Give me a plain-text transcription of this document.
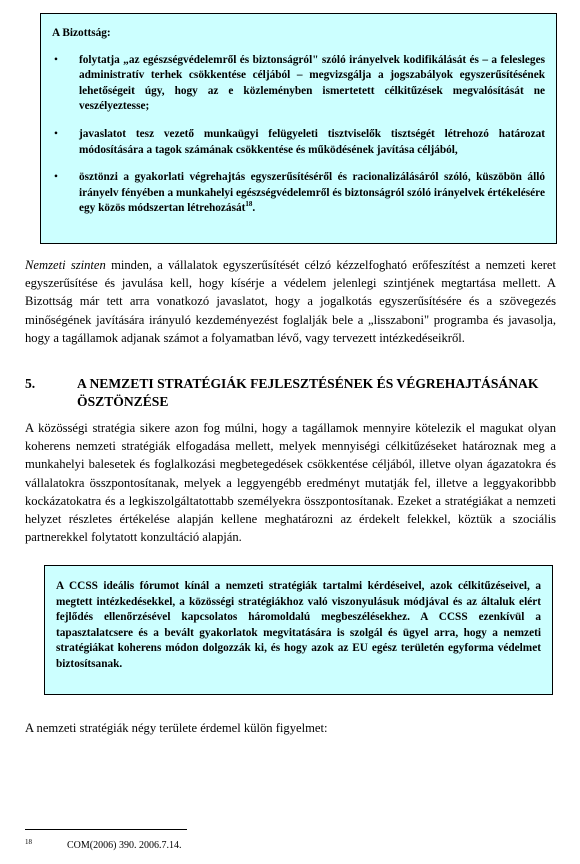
A Bizottság:

• folytatja „az egészségvédelemről és biztonságról" szóló irányelvek kodifikálását és – a felesleges administratív terhek csökkentése céljából – megvizsgálja a jogszabályok egyszerűsítésének lehetőségeit úgy, hogy az e közleményben ismertetett célkitűzések megvalósítását ne veszélyeztesse;
• javaslatot tesz vezető munkaügyi felügyeleti tisztviselők tisztségét létrehozó határozat módosítására a tagok számának csökkentése és működésének javítása céljából,
• ösztönzi a gyakorlati végrehajtás egyszerűsítéséről és racionalizálásáról szóló, küszöbön álló irányelv fényében a munkahelyi egészségvédelemről és biztonságról szóló irányelvek értékelésére egy közös módszertan létrehozását$^{18}$.

Nemzeti szinten minden, a vállalatok egyszerűsítését célzó kézzelfogható erőfeszítést a nemzeti keret egyszerűsítése és javulása kell, hogy kísérje a védelem jelenlegi szintjének megtartása mellett. A Bizottság már tett arra vonatkozó javaslatot, hogy a jogalkotás egyszerűsítésére és a szövegezés minőségének javítására irányuló kezdeményezést foglalják bele a „lisszaboni" programba és javasolja, hogy a tagállamok adjanak számot a folyamatban lévő, vagy tervezett intézkedéseikről.

5.	A NEMZETI STRATÉGIÁK FEJLESZTÉSÉNEK ÉS VÉGREHAJTÁSÁNAK ÖSZTÖNZÉSE

A közösségi stratégia sikere azon fog múlni, hogy a tagállamok mennyire kötelezik el magukat olyan koherens nemzeti stratégiák elfogadása mellett, melyek mennyiségi célkitűzéseket határoznak meg a munkahelyi balesetek és foglalkozási megbetegedések csökkentése céljából, illetve olyan ágazatokra és vállalatokra összpontosítanak, melyek a leggyengébb eredményt mutatják fel, illetve a leggyakoribbb kockázatokatra és a legkiszolgáltatottabb személyekra összpontosítanak. Ezeket a stratégiákat a nemzeti helyzet részletes értékelése alapján kellene meghatározni az érdekelt felekkel, köztük a szociális partnerekkel folytatott konzultáció alapján.

A CCSS ideális fórumot kínál a nemzeti stratégiák tartalmi kérdéseivel, azok célkitűzéseivel, a megtett intézkedésekkel, a közösségi stratégiákhoz való viszonyulásuk módjával és az általuk elért fejlődés ellenőrzésével kapcsolatos háromoldalú megbeszélésekhez. A CCSS ezenkívül a tapasztalatcsere és a bevált gyakorlatok megvitatására is szolgál és ügyel arra, hogy a nemzeti stratégiákat koherens módon dolgozzák ki, és hogy azok az EU egész területén egyforma védelmet biztosítsanak.

A nemzeti stratégiák négy területe érdemel külön figyelmet:

18	COM(2006) 390. 2006.7.14.
